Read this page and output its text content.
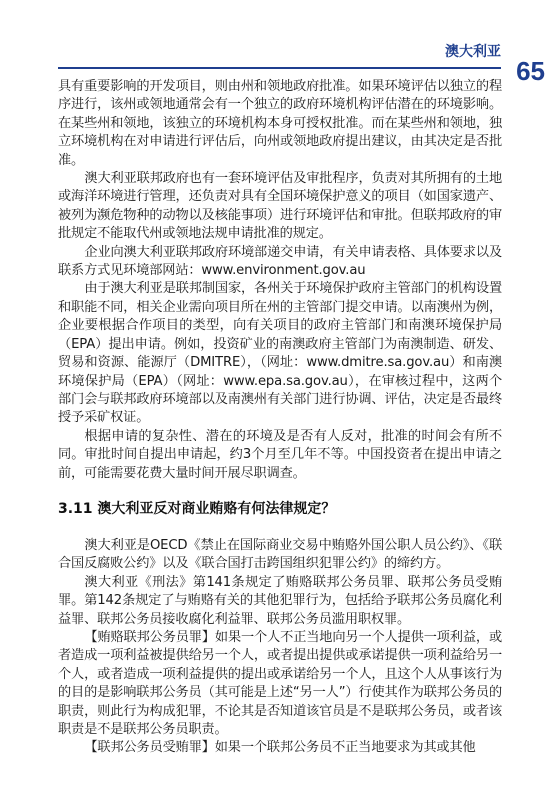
澳大利亚
65

具有重要影响的开发项目，则由州和领地政府批准。如果环境评估以独立的程序进行，该州或领地通常会有一个独立的政府环境机构评估潜在的环境影响。在某些州和领地，该独立的环境机构本身可授权批准。而在某些州和领地，独立环境机构在对申请进行评估后，向州或领地政府提出建议，由其决定是否批准。

澳大利亚联邦政府也有一套环境评估及审批程序，负责对其所拥有的土地或海洋环境进行管理，还负责对具有全国环境保护意义的项目（如国家遗产、被列为濒危物种的动物以及核能事项）进行环境评估和审批。但联邦政府的审批规定不能取代州或领地法规申请批准的规定。

企业向澳大利亚联邦政府环境部递交申请，有关申请表格、具体要求以及联系方式见环境部网站：www.environment.gov.au

由于澳大利亚是联邦制国家，各州关于环境保护政府主管部门的机构设置和职能不同，相关企业需向项目所在州的主管部门提交申请。以南澳州为例，企业要根据合作项目的类型，向有关项目的政府主管部门和南澳环境保护局（EPA）提出申请。例如，投资矿业的南澳政府主管部门为南澳制造、研发、贸易和资源、能源厅（DMITRE），（网址：www.dmitre.sa.gov.au）和南澳环境保护局（EPA）（网址：www.epa.sa.gov.au），在审核过程中，这两个部门会与联邦政府环境部以及南澳州有关部门进行协调、评估，决定是否最终授予采矿权证。

根据申请的复杂性、潜在的环境及是否有人反对，批准的时间会有所不同。审批时间自提出申请起，约3个月至几年不等。中国投资者在提出申请之前，可能需要花费大量时间开展尽职调查。

3.11 澳大利亚反对商业贿赂有何法律规定？

澳大利亚是OECD《禁止在国际商业交易中贿赂外国公职人员公约》、《联合国反腐败公约》以及《联合国打击跨国组织犯罪公约》的缔约方。

澳大利亚《刑法》第141条规定了贿赂联邦公务员罪、联邦公务员受贿罪。第142条规定了与贿赂有关的其他犯罪行为，包括给予联邦公务员腐化利益罪、联邦公务员接收腐化利益罪、联邦公务员滥用职权罪。

【贿赂联邦公务员罪】如果一个人不正当地向另一个人提供一项利益，或者造成一项利益被提供给另一个人，或者提出提供或承诺提供一项利益给另一个人，或者造成一项利益提供的提出或承诺给另一个人，且这个人从事该行为的目的是影响联邦公务员（其可能是上述“另一人”）行使其作为联邦公务员的职责，则此行为构成犯罪，不论其是否知道该官员是不是联邦公务员，或者该职责是不是联邦公务员职责。

【联邦公务员受贿罪】如果一个联邦公务员不正当地要求为其或其他
